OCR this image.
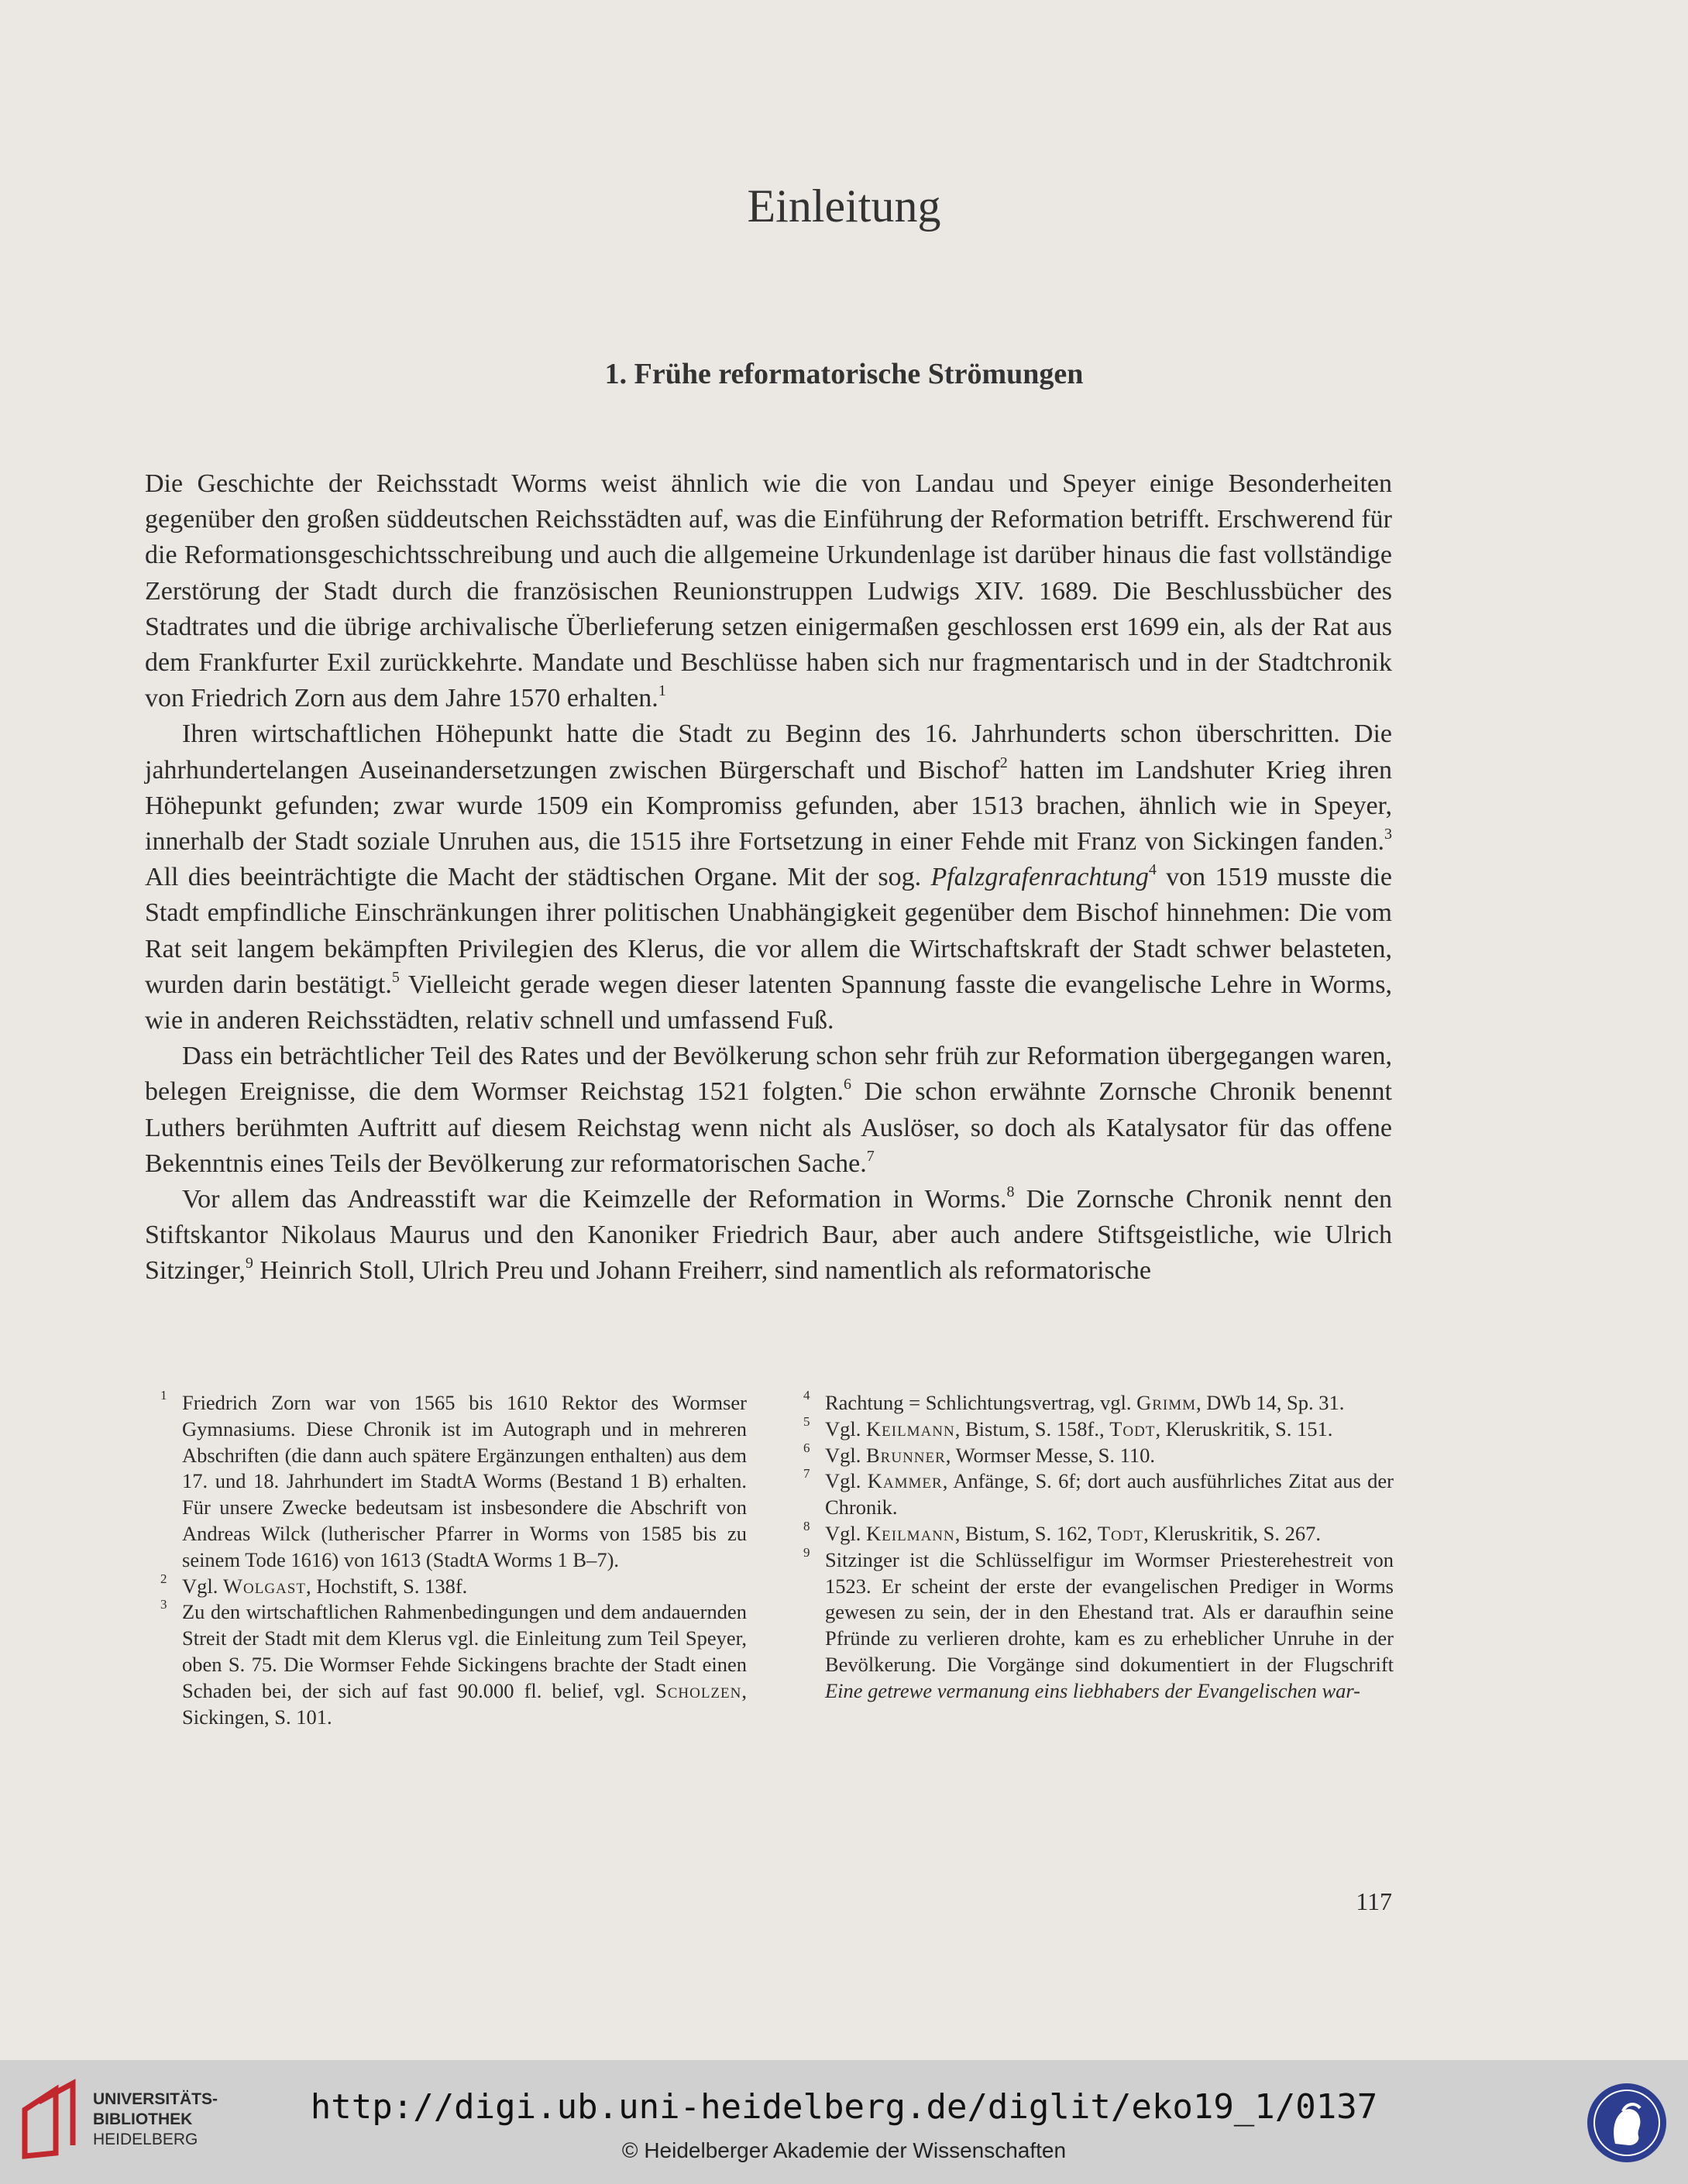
Einleitung
1. Frühe reformatorische Strömungen

Die Geschichte der Reichsstadt Worms weist ähnlich wie die von Landau und Speyer einige Besonderheiten gegenüber den großen süddeutschen Reichsstädten auf, was die Einführung der Reformation betrifft. Erschwerend für die Reformationsgeschichtsschreibung und auch die allgemeine Urkundenlage ist darüber hinaus die fast vollständige Zerstörung der Stadt durch die französischen Reunionstruppen Ludwigs XIV. 1689. Die Beschlussbücher des Stadtrates und die übrige archivalische Überlieferung setzen einigermaßen geschlossen erst 1699 ein, als der Rat aus dem Frankfurter Exil zurückkehrte. Mandate und Beschlüsse haben sich nur fragmentarisch und in der Stadtchronik von Friedrich Zorn aus dem Jahre 1570 erhalten.$^1$

Ihren wirtschaftlichen Höhepunkt hatte die Stadt zu Beginn des 16. Jahrhunderts schon überschritten. Die jahrhundertelangen Auseinandersetzungen zwischen Bürgerschaft und Bischof$^2$ hatten im Landshuter Krieg ihren Höhepunkt gefunden; zwar wurde 1509 ein Kompromiss gefunden, aber 1513 brachen, ähnlich wie in Speyer, innerhalb der Stadt soziale Unruhen aus, die 1515 ihre Fortsetzung in einer Fehde mit Franz von Sickingen fanden.$^3$ All dies beeinträchtigte die Macht der städtischen Organe. Mit der sog. Pfalzgrafenrachtung$^4$ von 1519 musste die Stadt empfindliche Einschränkungen ihrer politischen Unabhängigkeit gegenüber dem Bischof hinnehmen: Die vom Rat seit langem bekämpften Privilegien des Klerus, die vor allem die Wirtschaftskraft der Stadt schwer belasteten, wurden darin bestätigt.$^5$ Vielleicht gerade wegen dieser latenten Spannung fasste die evangelische Lehre in Worms, wie in anderen Reichsstädten, relativ schnell und umfassend Fuß.

Dass ein beträchtlicher Teil des Rates und der Bevölkerung schon sehr früh zur Reformation übergegangen waren, belegen Ereignisse, die dem Wormser Reichstag 1521 folgten.$^6$ Die schon erwähnte Zornsche Chronik benennt Luthers berühmten Auftritt auf diesem Reichstag wenn nicht als Auslöser, so doch als Katalysator für das offene Bekenntnis eines Teils der Bevölkerung zur reformatorischen Sache.$^7$

Vor allem das Andreasstift war die Keimzelle der Reformation in Worms.$^8$ Die Zornsche Chronik nennt den Stiftskantor Nikolaus Maurus und den Kanoniker Friedrich Baur, aber auch andere Stiftsgeistliche, wie Ulrich Sitzinger,$^9$ Heinrich Stoll, Ulrich Preu und Johann Freiherr, sind namentlich als reformatorische

1 Friedrich Zorn war von 1565 bis 1610 Rektor des Wormser Gymnasiums. Diese Chronik ist im Autograph und in mehreren Abschriften (die dann auch spätere Ergänzungen enthalten) aus dem 17. und 18. Jahrhundert im StadtA Worms (Bestand 1 B) erhalten. Für unsere Zwecke bedeutsam ist insbesondere die Abschrift von Andreas Wilck (lutherischer Pfarrer in Worms von 1585 bis zu seinem Tode 1616) von 1613 (StadtA Worms 1 B–7).
2 Vgl. Wolgast, Hochstift, S. 138f.
3 Zu den wirtschaftlichen Rahmenbedingungen und dem andauernden Streit der Stadt mit dem Klerus vgl. die Einleitung zum Teil Speyer, oben S. 75. Die Wormser Fehde Sickingens brachte der Stadt einen Schaden bei, der sich auf fast 90.000 fl. belief, vgl. Scholzen, Sickingen, S. 101.
4 Rachtung = Schlichtungsvertrag, vgl. Grimm, DWb 14, Sp. 31.
5 Vgl. Keilmann, Bistum, S. 158f., Todt, Kleruskritik, S. 151.
6 Vgl. Brunner, Wormser Messe, S. 110.
7 Vgl. Kammer, Anfänge, S. 6f; dort auch ausführliches Zitat aus der Chronik.
8 Vgl. Keilmann, Bistum, S. 162, Todt, Kleruskritik, S. 267.
9 Sitzinger ist die Schlüsselfigur im Wormser Priesterehestreit von 1523. Er scheint der erste der evangelischen Prediger in Worms gewesen zu sein, der in den Ehestand trat. Als er daraufhin seine Pfründe zu verlieren drohte, kam es zu erheblicher Unruhe in der Bevölkerung. Die Vorgänge sind dokumentiert in der Flugschrift Eine getrewe vermanung eins liebhabers der Evangelischen war-
117
UNIVERSITÄTS-
BIBLIOTHEK
HEIDELBERG
http://digi.ub.uni-heidelberg.de/diglit/eko19_1/0137
© Heidelberger Akademie der Wissenschaften
